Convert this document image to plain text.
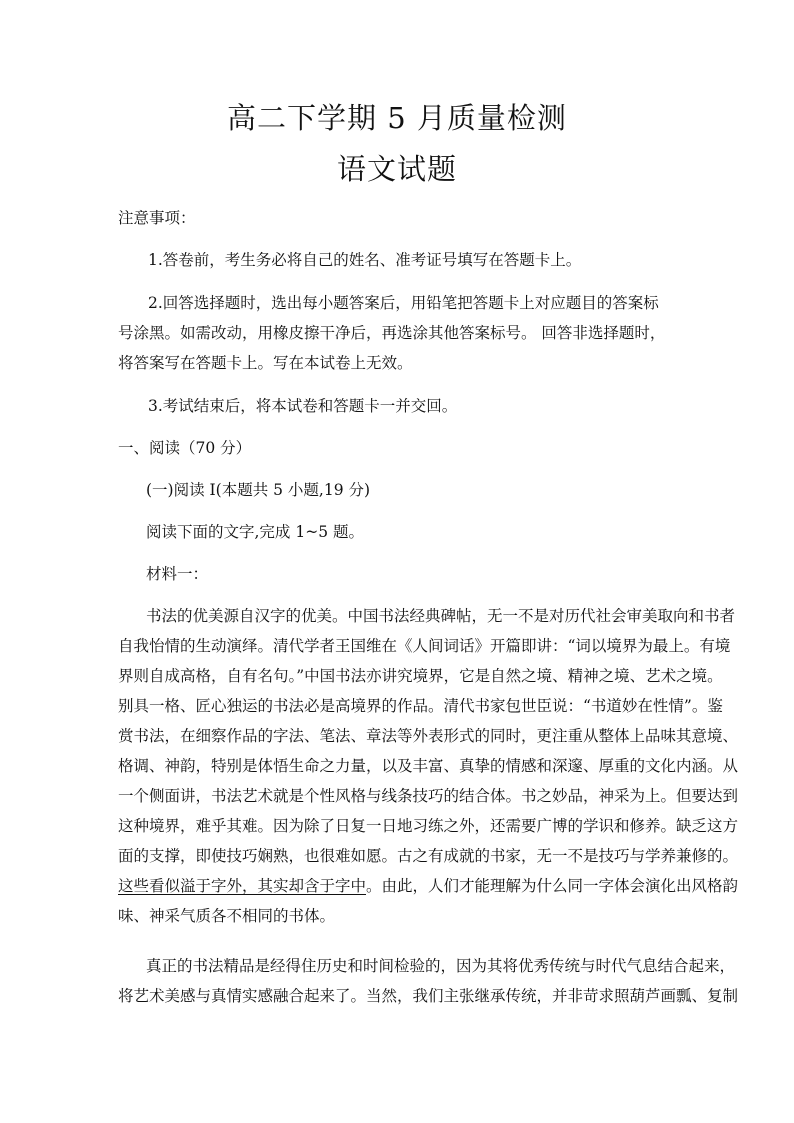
高二下学期 5 月质量检测
语文试题
注意事项：
1.答卷前，考生务必将自己的姓名、准考证号填写在答题卡上。
2.回答选择题时，选出每小题答案后，用铅笔把答题卡上对应题目的答案标
号涂黑。如需改动，用橡皮擦干净后，再选涂其他答案标号。 回答非选择题时，
将答案写在答题卡上。写在本试卷上无效。
3.考试结束后，将本试卷和答题卡一并交回。
一、阅读（70 分）
(一)阅读 I(本题共 5 小题,19 分)
阅读下面的文字,完成 1~5 题。
材料一：
书法的优美源自汉字的优美。中国书法经典碑帖，无一不是对历代社会审美取向和书者
自我怡情的生动演绎。清代学者王国维在《人间词话》开篇即讲：“词以境界为最上。有境
界则自成高格，自有名句。”中国书法亦讲究境界，它是自然之境、精神之境、艺术之境。
别具一格、匠心独运的书法必是高境界的作品。清代书家包世臣说：“书道妙在性情”。鉴
赏书法，在细察作品的字法、笔法、章法等外表形式的同时，更注重从整体上品味其意境、
格调、神韵，特别是体悟生命之力量，以及丰富、真挚的情感和深邃、厚重的文化内涵。从
一个侧面讲，书法艺术就是个性风格与线条技巧的结合体。书之妙品，神采为上。但要达到
这种境界，难乎其难。因为除了日复一日地习练之外，还需要广博的学识和修养。缺乏这方
面的支撑，即使技巧娴熟，也很难如愿。古之有成就的书家，无一不是技巧与学养兼修的。
这些看似溢于字外，其实却含于字中。由此，人们才能理解为什么同一字体会演化出风格韵
味、神采气质各不相同的书体。
真正的书法精品是经得住历史和时间检验的，因为其将优秀传统与时代气息结合起来，
将艺术美感与真情实感融合起来了。当然，我们主张继承传统，并非苛求照葫芦画瓢、复制
